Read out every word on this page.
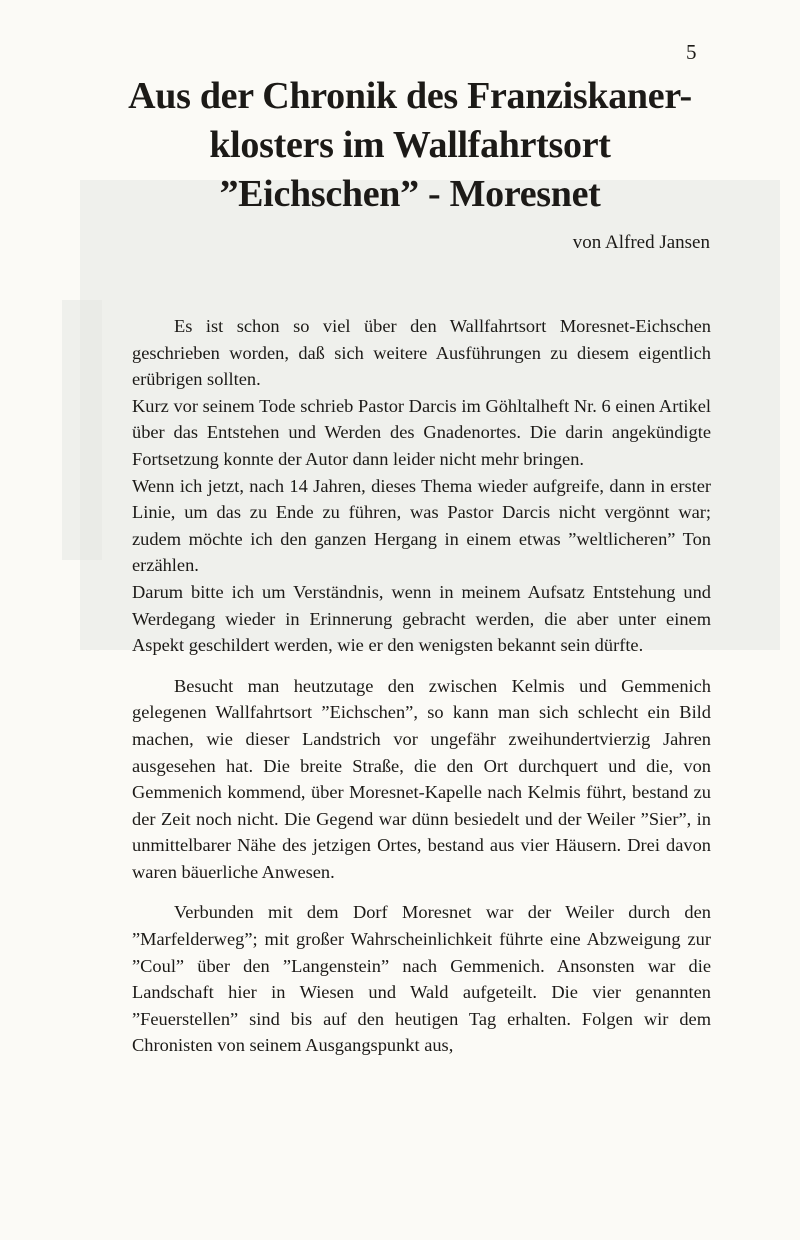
5
Aus der Chronik des Franziskaner-
klosters im Wallfahrtsort
”Eichschen” - Moresnet
von Alfred Jansen

Es ist schon so viel über den Wallfahrtsort Moresnet-Eichschen geschrieben worden, daß sich weitere Ausführungen zu diesem eigentlich erübrigen sollten.

Kurz vor seinem Tode schrieb Pastor Darcis im Göhltalheft Nr. 6 einen Artikel über das Entstehen und Werden des Gnadenortes. Die darin angekündigte Fortsetzung konnte der Autor dann leider nicht mehr bringen.

Wenn ich jetzt, nach 14 Jahren, dieses Thema wieder aufgreife, dann in erster Linie, um das zu Ende zu führen, was Pastor Darcis nicht vergönnt war; zudem möchte ich den ganzen Hergang in einem etwas ”weltlicheren” Ton erzählen.

Darum bitte ich um Verständnis, wenn in meinem Aufsatz Entstehung und Werdegang wieder in Erinnerung gebracht werden, die aber unter einem Aspekt geschildert werden, wie er den wenigsten bekannt sein dürfte.

Besucht man heutzutage den zwischen Kelmis und Gemmenich gelegenen Wallfahrtsort ”Eichschen”, so kann man sich schlecht ein Bild machen, wie dieser Landstrich vor ungefähr zweihundertvierzig Jahren ausgesehen hat. Die breite Straße, die den Ort durchquert und die, von Gemmenich kommend, über Moresnet-Kapelle nach Kelmis führt, bestand zu der Zeit noch nicht. Die Gegend war dünn besiedelt und der Weiler ”Sier”, in unmittelbarer Nähe des jetzigen Ortes, bestand aus vier Häusern. Drei davon waren bäuerliche Anwesen.

Verbunden mit dem Dorf Moresnet war der Weiler durch den ”Marfelderweg”; mit großer Wahrscheinlichkeit führte eine Abzweigung zur ”Coul” über den ”Langenstein” nach Gemmenich. Ansonsten war die Landschaft hier in Wiesen und Wald aufgeteilt. Die vier genannten ”Feuerstellen” sind bis auf den heutigen Tag erhalten. Folgen wir dem Chronisten von seinem Ausgangspunkt aus,
